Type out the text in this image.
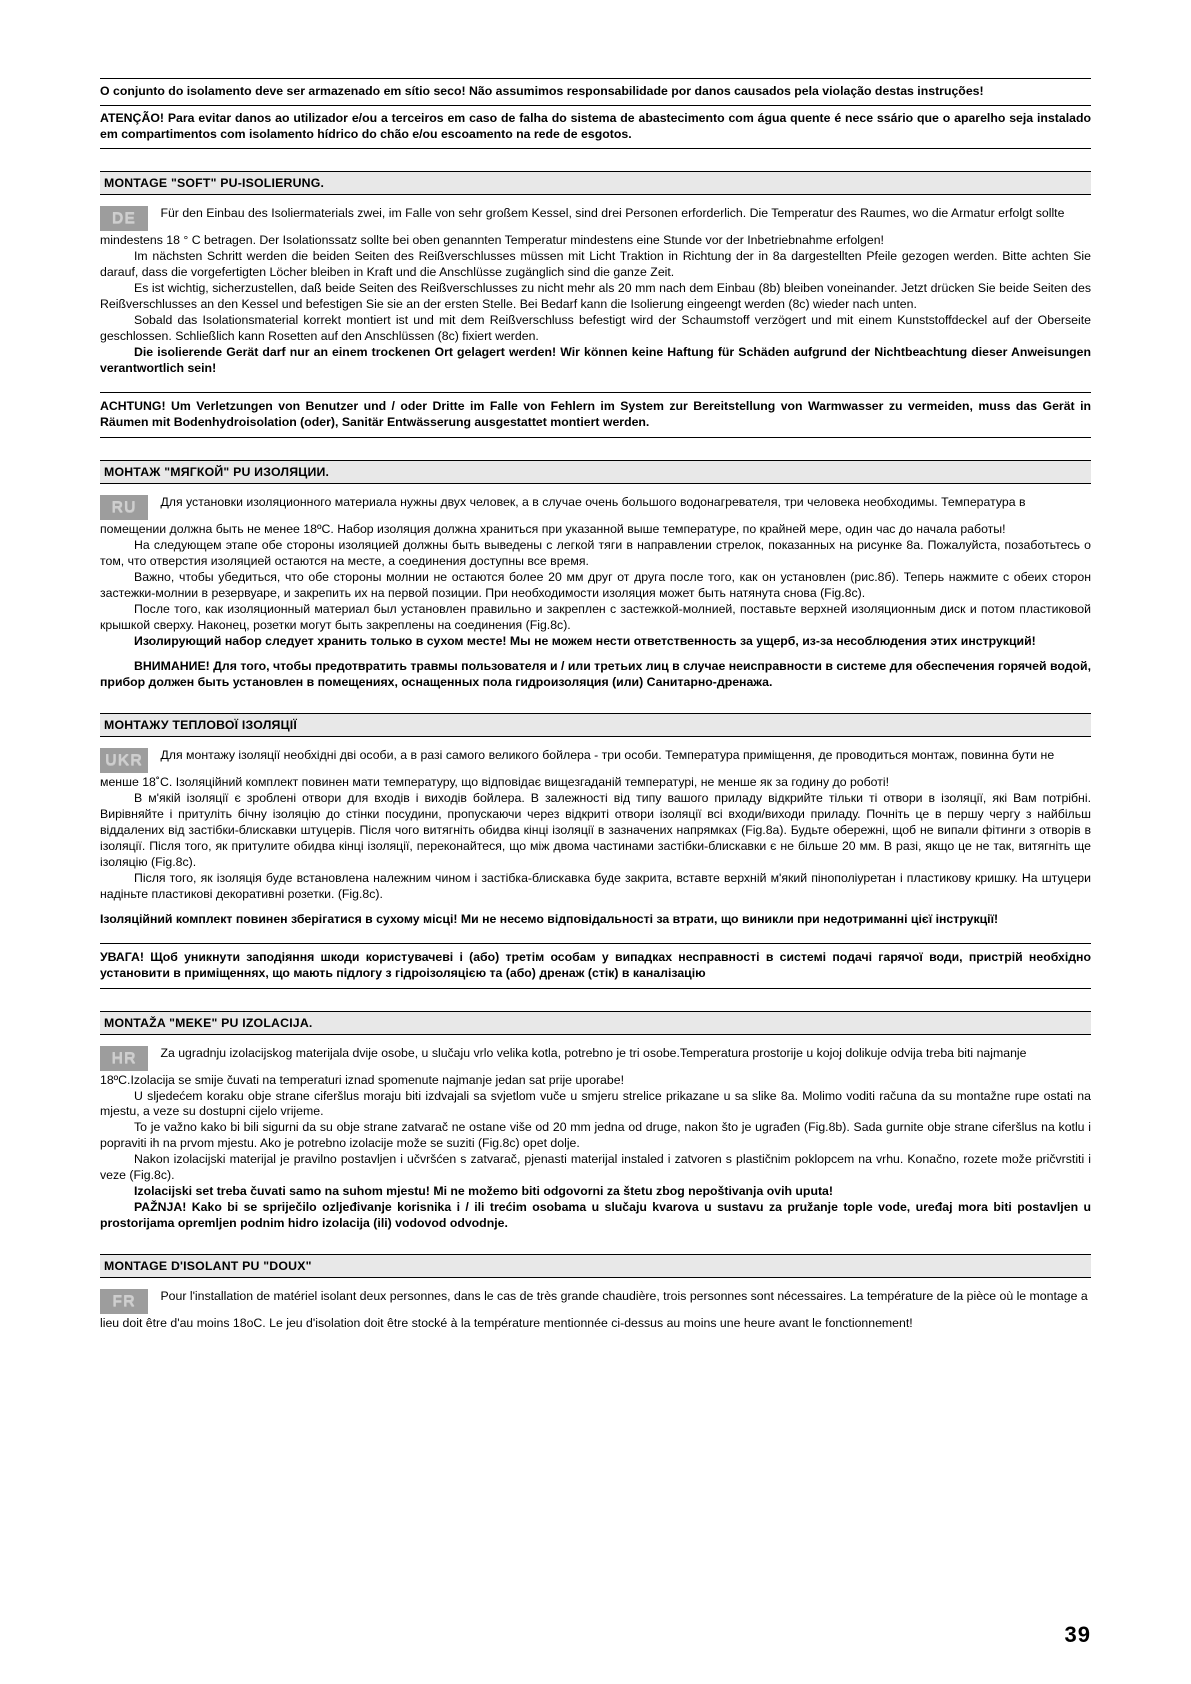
O conjunto do isolamento deve ser armazenado em sítio seco! Não assumimos responsabilidade por danos causados pela violação destas instruções!

ATENÇÃO! Para evitar danos ao utilizador e/ou a terceiros em caso de falha do sistema de abastecimento com água quente é nece ssário que o aparelho seja instalado em compartimentos com isolamento hídrico do chão e/ou escoamento na rede de esgotos.

MONTAGE "SOFT" PU-ISOLIERUNG.
DE Für den Einbau des Isoliermaterials zwei, im Falle von sehr großem Kessel, sind drei Personen erforderlich. Die Temperatur des Raumes, wo die Armatur erfolgt sollte mindestens 18 ° C betragen. Der Isolationssatz sollte bei oben genannten Temperatur mindestens eine Stunde vor der Inbetriebnahme erfolgen!

Im nächsten Schritt werden die beiden Seiten des Reißverschlusses müssen mit Licht Traktion in Richtung der in 8a dargestellten Pfeile gezogen werden. Bitte achten Sie darauf, dass die vorgefertigten Löcher bleiben in Kraft und die Anschlüsse zugänglich sind die ganze Zeit.

Es ist wichtig, sicherzustellen, daß beide Seiten des Reißverschlusses zu nicht mehr als 20 mm nach dem Einbau (8b) bleiben voneinander. Jetzt drücken Sie beide Seiten des Reißverschlusses an den Kessel und befestigen Sie sie an der ersten Stelle. Bei Bedarf kann die Isolierung eingeengt werden (8c) wieder nach unten.

Sobald das Isolationsmaterial korrekt montiert ist und mit dem Reißverschluss befestigt wird der Schaumstoff verzögert und mit einem Kunststoffdeckel auf der Oberseite geschlossen. Schließlich kann Rosetten auf den Anschlüssen (8c) fixiert werden.

Die isolierende Gerät darf nur an einem trockenen Ort gelagert werden! Wir können keine Haftung für Schäden aufgrund der Nichtbeachtung dieser Anweisungen verantwortlich sein!

ACHTUNG! Um Verletzungen von Benutzer und / oder Dritte im Falle von Fehlern im System zur Bereitstellung von Warmwasser zu vermeiden, muss das Gerät in Räumen mit Bodenhydroisolation (oder), Sanitär Entwässerung ausgestattet montiert werden.

МОНТАЖ "МЯГКОЙ" PU ИЗОЛЯЦИИ.
RU Для установки изоляционного материала нужны двух человек, а в случае очень большого водонагревателя, три человека необходимы. Температура в помещении должна быть не менее 18ºС. Набор изоляция должна храниться при указанной выше температуре, по крайней мере, один час до начала работы!

На следующем этапе обе стороны изоляцией должны быть выведены с легкой тяги в направлении стрелок, показанных на рисунке 8а. Пожалуйста, позаботьтесь о том, что отверстия изоляцией остаются на месте, а соединения доступны все время.

Важно, чтобы убедиться, что обе стороны молнии не остаются более 20 мм друг от друга после того, как он установлен (рис.8б). Теперь нажмите с обеих сторон застежки-молнии в резервуаре, и закрепить их на первой позиции. При необходимости изоляция может быть натянута снова (Fig.8c).

После того, как изоляционный материал был установлен правильно и закреплен с застежкой-молнией, поставьте верхней изоляционным диск и потом пластиковой крышкой сверху. Наконец, розетки могут быть закреплены на соединения (Fig.8c).

Изолирующий набор следует хранить только в сухом месте! Мы не можем нести ответственность за ущерб, из-за несоблюдения этих инструкций!

ВНИМАНИЕ! Для того, чтобы предотвратить травмы пользователя и / или третьих лиц в случае неисправности в системе для обеспечения горячей водой, прибор должен быть установлен в помещениях, оснащенных пола гидроизоляция (или) Санитарно-дренажа.

МОНТАЖУ ТЕПЛОВОЇ ІЗОЛЯЦІЇ
UKR Для монтажу ізоляції необхідні дві особи, а в разі самого великого бойлера - три особи. Температура приміщення, де проводиться монтаж, повинна бути не менше 18˚С. Ізоляційний комплект повинен мати температуру, що відповідає вищезгаданій температурі, не менше як за годину до роботі!

В м'якій ізоляції є зроблені отвори для входів і виходів бойлера. В залежності від типу вашого приладу відкрийте тільки ті отвори в ізоляції, які Вам потрібні. Вирівняйте і притуліть бічну ізоляцію до стінки посудини, пропускаючи через відкриті отвори ізоляції всі входи/виходи приладу. Почніть це в першу чергу з найбільш віддалених від застібки-блискавки штуцерів. Після чого витягніть обидва кінці ізоляції в зазначених напрямках (Fig.8a). Будьте обережні, щоб не випали фітинги з отворів в ізоляції. Після того, як притулите обидва кінці ізоляції, переконайтеся, що між двома частинами застібки-блискавки є не більше 20 мм. В разі, якщо це не так, витягніть ще ізоляцію (Fig.8c).

Після того, як ізоляція буде встановлена належним чином і застібка-блискавка буде закрита, вставте верхній м'який пінополіуретан і пластикову кришку. На штуцери надіньте пластикові декоративні розетки. (Fig.8c).

Ізоляційний комплект повинен зберігатися в сухому місці! Ми не несемо відповідальності за втрати, що виникли при недотриманні цієї інструкції!

УВАГА! Щоб уникнути заподіяння шкоди користувачеві і (або) третім особам у випадках несправності в системі подачі гарячої води, пристрій необхідно установити в приміщеннях, що мають підлогу з гідроізоляцією та (або) дренаж (стік) в каналізацію

MONTAŽA "MEKE" PU IZOLACIJA.
HR Za ugradnju izolacijskog materijala dvije osobe, u slučaju vrlo velika kotla, potrebno je tri osobe.Temperatura prostorije u kojoj dolikuje odvija treba biti najmanje 18ºC.Izolacija se smije čuvati na temperaturi iznad spomenute najmanje jedan sat prije uporabe!

U sljedećem koraku obje strane ciferšlus moraju biti izdvajali sa svjetlom vuče u smjeru strelice prikazane u sa slike 8a. Molimo voditi računa da su montažne rupe ostati na mjestu, a veze su dostupni cijelo vrijeme.

To je važno kako bi bili sigurni da su obje strane zatvarač ne ostane više od 20 mm jedna od druge, nakon što je ugrađen (Fig.8b). Sada gurnite obje strane ciferšlus na kotlu i popraviti ih na prvom mjestu. Ako je potrebno izolacije može se suziti (Fig.8c) opet dolje.

Nakon izolacijski materijal je pravilno postavljen i učvršćen s zatvarač, pjenasti materijal instaled i zatvoren s plastičnim poklopcem na vrhu. Konačno, rozete može pričvrstiti i veze (Fig.8c).

Izolacijski set treba čuvati samo na suhom mjestu! Mi ne možemo biti odgovorni za štetu zbog nepoštivanja ovih uputa!

PAŽNJA! Kako bi se spriječilo ozljeđivanje korisnika i / ili trećim osobama u slučaju kvarova u sustavu za pružanje tople vode, uređaj mora biti postavljen u prostorijama opremljen podnim hidro izolacija (ili) vodovod odvodnje.

MONTAGE D'ISOLANT PU "DOUX"
FR Pour l'installation de matériel isolant deux personnes, dans le cas de très grande chaudière, trois personnes sont nécessaires. La température de la pièce où le montage a lieu doit être d'au moins 18oC. Le jeu d'isolation doit être stocké à la température mentionnée ci-dessus au moins une heure avant le fonctionnement!

39
